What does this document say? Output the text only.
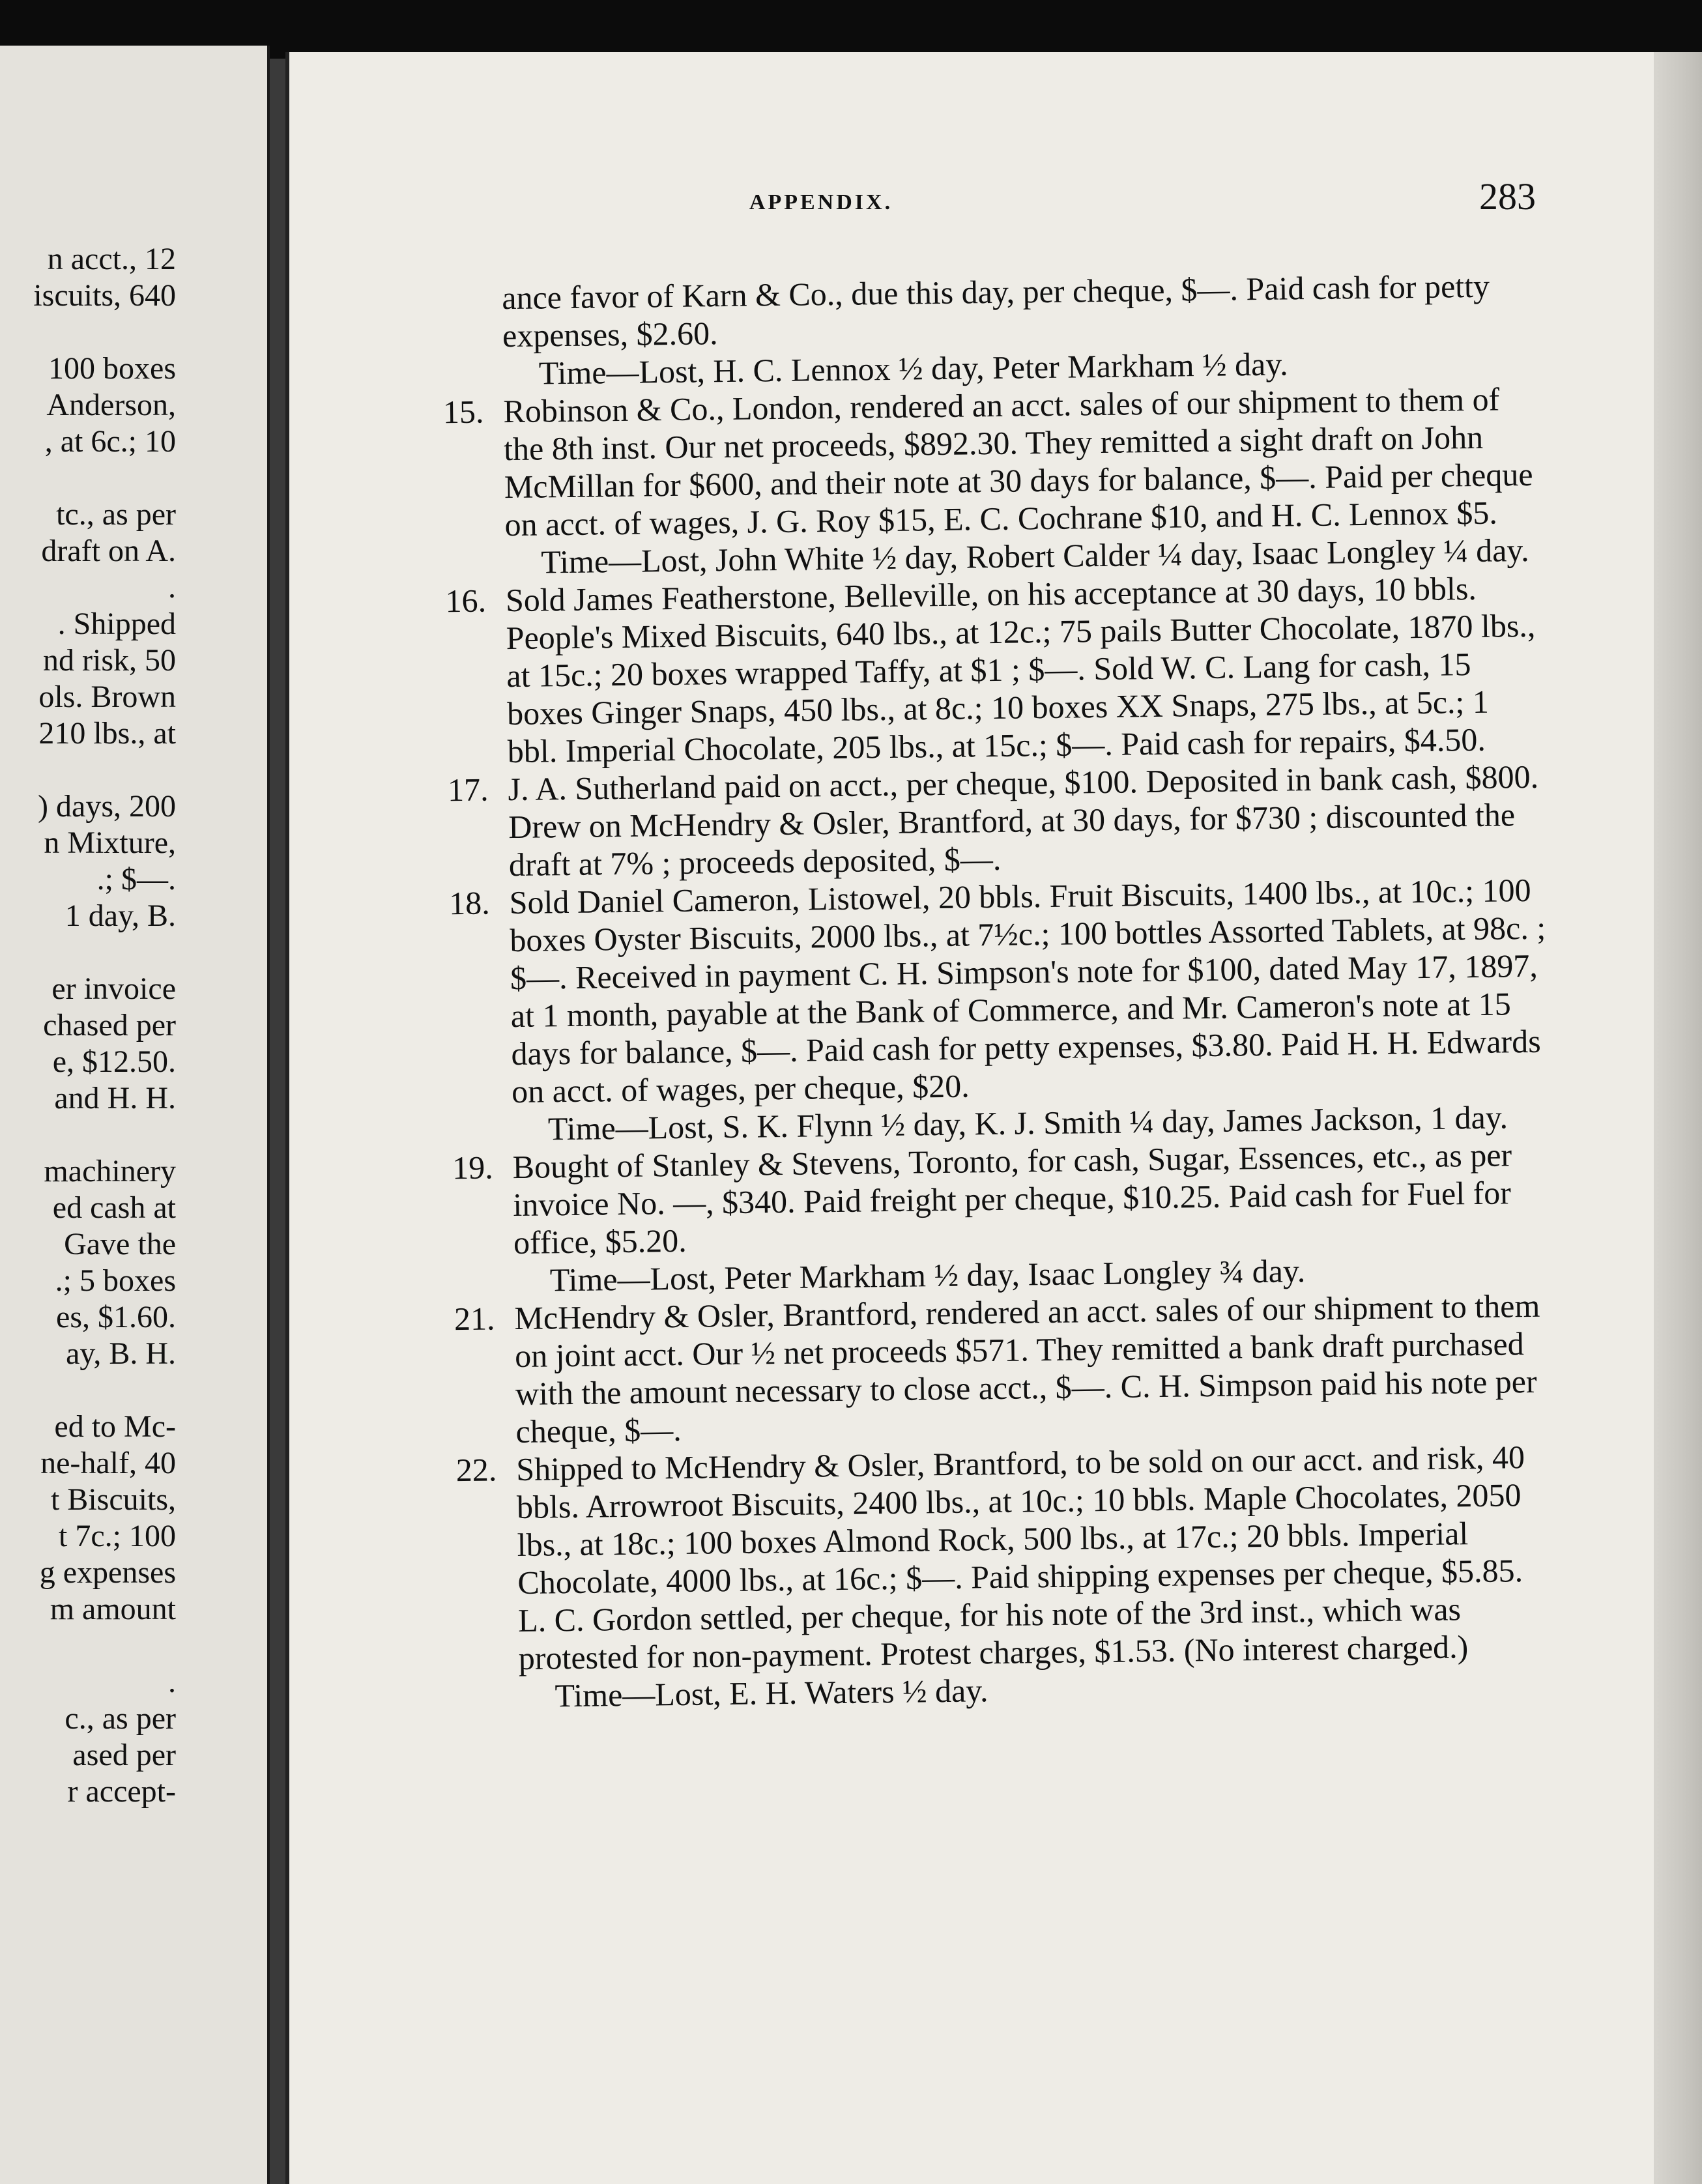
n acct., 12
iscuits, 640
100 boxes
Anderson,
, at 6c.; 10
tc., as per
draft on A.
.
. Shipped
nd risk, 50
ols. Brown
210 lbs., at
) days, 200
n Mixture,
.; $—.
1 day, B.
er invoice
chased per
e, $12.50.
and H. H.
machinery
ed cash at
Gave the
.; 5 boxes
es, $1.60.
ay, B. H.
ed to Mc-
ne-half, 40
t Biscuits,
t 7c.; 100
g expenses
m amount
.
c., as per
ased per
r accept-
APPENDIX.	283

ance favor of Karn & Co., due this day, per cheque, $—. Paid cash for petty expenses, $2.60.

Time—Lost, H. C. Lennox ½ day, Peter Markham ½ day.

15. Robinson & Co., London, rendered an acct. sales of our shipment to them of the 8th inst. Our net proceeds, $892.30. They remitted a sight draft on John McMillan for $600, and their note at 30 days for balance, $—. Paid per cheque on acct. of wages, J. G. Roy $15, E. C. Cochrane $10, and H. C. Lennox $5.

Time—Lost, John White ½ day, Robert Calder ¼ day, Isaac Longley ¼ day.

16. Sold James Featherstone, Belleville, on his acceptance at 30 days, 10 bbls. People's Mixed Biscuits, 640 lbs., at 12c.; 75 pails Butter Chocolate, 1870 lbs., at 15c.; 20 boxes wrapped Taffy, at $1 ; $—. Sold W. C. Lang for cash, 15 boxes Ginger Snaps, 450 lbs., at 8c.; 10 boxes XX Snaps, 275 lbs., at 5c.; 1 bbl. Imperial Chocolate, 205 lbs., at 15c.; $—. Paid cash for repairs, $4.50.

17. J. A. Sutherland paid on acct., per cheque, $100. Deposited in bank cash, $800. Drew on McHendry & Osler, Brantford, at 30 days, for $730 ; discounted the draft at 7% ; proceeds deposited, $—.

18. Sold Daniel Cameron, Listowel, 20 bbls. Fruit Biscuits, 1400 lbs., at 10c.; 100 boxes Oyster Biscuits, 2000 lbs., at 7½c.; 100 bottles Assorted Tablets, at 98c. ; $—. Received in payment C. H. Simpson's note for $100, dated May 17, 1897, at 1 month, payable at the Bank of Commerce, and Mr. Cameron's note at 15 days for balance, $—. Paid cash for petty expenses, $3.80. Paid H. H. Edwards on acct. of wages, per cheque, $20.

Time—Lost, S. K. Flynn ½ day, K. J. Smith ¼ day, James Jackson, 1 day.

19. Bought of Stanley & Stevens, Toronto, for cash, Sugar, Essences, etc., as per invoice No. —, $340. Paid freight per cheque, $10.25. Paid cash for Fuel for office, $5.20.

Time—Lost, Peter Markham ½ day, Isaac Longley ¾ day.

21. McHendry & Osler, Brantford, rendered an acct. sales of our shipment to them on joint acct. Our ½ net proceeds $571. They remitted a bank draft purchased with the amount necessary to close acct., $—. C. H. Simpson paid his note per cheque, $—.

22. Shipped to McHendry & Osler, Brantford, to be sold on our acct. and risk, 40 bbls. Arrowroot Biscuits, 2400 lbs., at 10c.; 10 bbls. Maple Chocolates, 2050 lbs., at 18c.; 100 boxes Almond Rock, 500 lbs., at 17c.; 20 bbls. Imperial Chocolate, 4000 lbs., at 16c.; $—. Paid shipping expenses per cheque, $5.85. L. C. Gordon settled, per cheque, for his note of the 3rd inst., which was protested for non-payment. Protest charges, $1.53. (No interest charged.)

Time—Lost, E. H. Waters ½ day.
